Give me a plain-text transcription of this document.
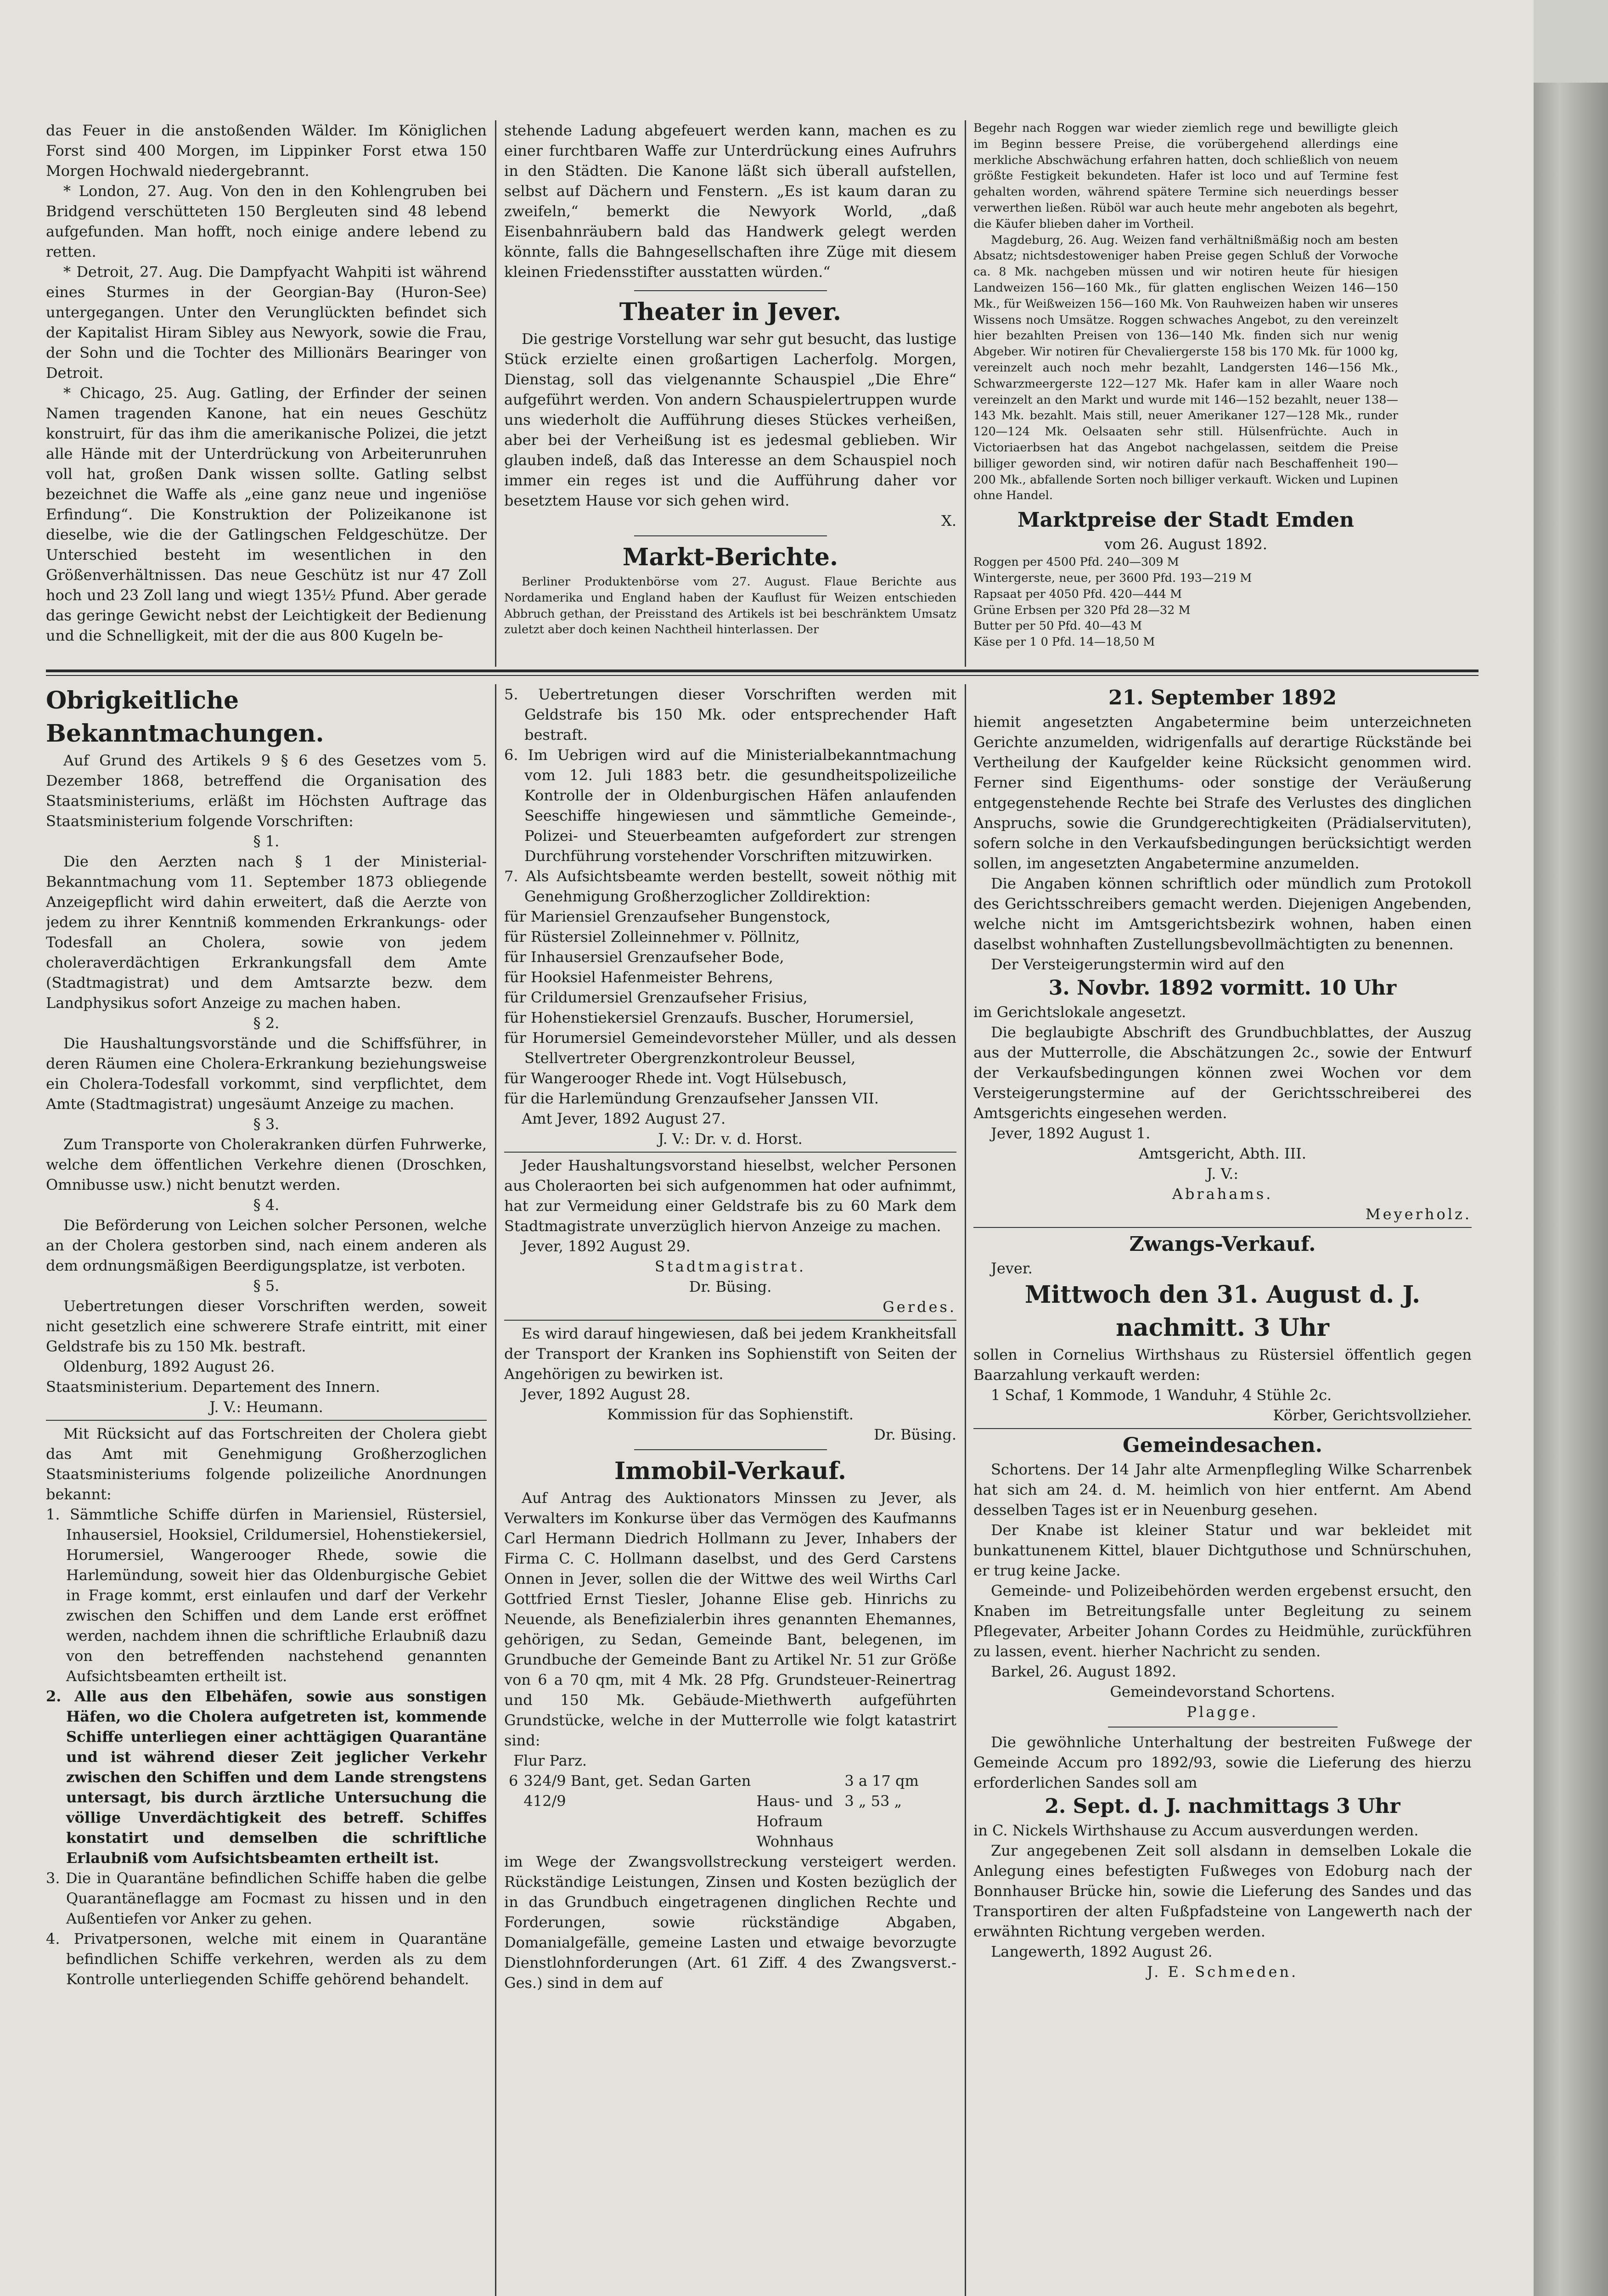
das Feuer in die anstoßenden Wälder. Im Königlichen Forst sind 400 Morgen, im Lippinker Forst etwa 150 Morgen Hochwald niedergebrannt.

* London, 27. Aug. Von den in den Kohlengruben bei Bridgend verschütteten 150 Bergleuten sind 48 lebend aufgefunden. Man hofft, noch einige andere lebend zu retten.

* Detroit, 27. Aug. Die Dampfyacht Wahpiti ist während eines Sturmes in der Georgian-Bay (Huron-See) untergegangen. Unter den Verunglückten befindet sich der Kapitalist Hiram Sibley aus Newyork, sowie die Frau, der Sohn und die Tochter des Millionärs Bearinger von Detroit.

* Chicago, 25. Aug. Gatling, der Erfinder der seinen Namen tragenden Kanone, hat ein neues Geschütz konstruirt, für das ihm die amerikanische Polizei, die jetzt alle Hände mit der Unterdrückung von Arbeiterunruhen voll hat, großen Dank wissen sollte. Gatling selbst bezeichnet die Waffe als „eine ganz neue und ingeniöse Erfindung“. Die Konstruktion der Polizeikanone ist dieselbe, wie die der Gatlingschen Feldgeschütze. Der Unterschied besteht im wesentlichen in den Größenverhältnissen. Das neue Geschütz ist nur 47 Zoll hoch und 23 Zoll lang und wiegt 135½ Pfund. Aber gerade das geringe Gewicht nebst der Leichtigkeit der Bedienung und die Schnelligkeit, mit der die aus 800 Kugeln be-

stehende Ladung abgefeuert werden kann, machen es zu einer furchtbaren Waffe zur Unterdrückung eines Aufruhrs in den Städten. Die Kanone läßt sich überall aufstellen, selbst auf Dächern und Fenstern. „Es ist kaum daran zu zweifeln,“ bemerkt die Newyork World, „daß Eisenbahnräubern bald das Handwerk gelegt werden könnte, falls die Bahngesellschaften ihre Züge mit diesem kleinen Friedensstifter ausstatten würden.“

Theater in Jever.

Die gestrige Vorstellung war sehr gut besucht, das lustige Stück erzielte einen großartigen Lacherfolg. Morgen, Dienstag, soll das vielgenannte Schauspiel „Die Ehre“ aufgeführt werden. Von andern Schauspielertruppen wurde uns wiederholt die Aufführung dieses Stückes verheißen, aber bei der Verheißung ist es jedesmal geblieben. Wir glauben indeß, daß das Interesse an dem Schauspiel noch immer ein reges ist und die Aufführung daher vor besetztem Hause vor sich gehen wird.

X.

Markt-Berichte.

Berliner Produktenbörse vom 27. August. Flaue Berichte aus Nordamerika und England haben der Kauflust für Weizen entschieden Abbruch gethan, der Preisstand des Artikels ist bei beschränktem Umsatz zuletzt aber doch keinen Nachtheil hinterlassen. Der

Begehr nach Roggen war wieder ziemlich rege und bewilligte gleich im Beginn bessere Preise, die vorübergehend allerdings eine merkliche Abschwächung erfahren hatten, doch schließlich von neuem größte Festigkeit bekundeten. Hafer ist loco und auf Termine fest gehalten worden, während spätere Termine sich neuerdings besser verwerthen ließen. Rüböl war auch heute mehr angeboten als begehrt, die Käufer blieben daher im Vortheil.

Magdeburg, 26. Aug. Weizen fand verhältnißmäßig noch am besten Absatz; nichtsdestoweniger haben Preise gegen Schluß der Vorwoche ca. 8 Mk. nachgeben müssen und wir notiren heute für hiesigen Landweizen 156—160 Mk., für glatten englischen Weizen 146—150 Mk., für Weißweizen 156—160 Mk. Von Rauhweizen haben wir unseres Wissens noch Umsätze. Roggen schwaches Angebot, zu den vereinzelt hier bezahlten Preisen von 136—140 Mk. finden sich nur wenig Abgeber. Wir notiren für Chevaliergerste 158 bis 170 Mk. für 1000 kg, vereinzelt auch noch mehr bezahlt, Landgersten 146—156 Mk., Schwarzmeergerste 122—127 Mk. Hafer kam in aller Waare noch vereinzelt an den Markt und wurde mit 146—152 bezahlt, neuer 138—143 Mk. bezahlt. Mais still, neuer Amerikaner 127—128 Mk., runder 120—124 Mk. Oelsaaten sehr still. Hülsenfrüchte. Auch in Victoriaerbsen hat das Angebot nachgelassen, seitdem die Preise billiger geworden sind, wir notiren dafür nach Beschaffenheit 190—200 Mk., abfallende Sorten noch billiger verkauft. Wicken und Lupinen ohne Handel.

Marktpreise der Stadt Emden

vom 26. August 1892.

Roggen per 4500 Pfd. 240—309 M

Wintergerste, neue, per 3600 Pfd. 193—219 M

Rapsaat per 4050 Pfd. 420—444 M

Grüne Erbsen per 320 Pfd 28—32 M

Butter per 50 Pfd. 40—43 M

Käse per 1 0 Pfd. 14—18,50 M

Obrigkeitliche Bekanntmachungen.

Auf Grund des Artikels 9 § 6 des Gesetzes vom 5. Dezember 1868, betreffend die Organisation des Staatsministeriums, erläßt im Höchsten Auftrage das Staatsministerium folgende Vorschriften:

§ 1.

Die den Aerzten nach § 1 der Ministerial-Bekanntmachung vom 11. September 1873 obliegende Anzeigepflicht wird dahin erweitert, daß die Aerzte von jedem zu ihrer Kenntniß kommenden Erkrankungs- oder Todesfall an Cholera, sowie von jedem choleraverdächtigen Erkrankungsfall dem Amte (Stadtmagistrat) und dem Amtsarzte bezw. dem Landphysikus sofort Anzeige zu machen haben.

§ 2.

Die Haushaltungsvorstände und die Schiffsführer, in deren Räumen eine Cholera-Erkrankung beziehungsweise ein Cholera-Todesfall vorkommt, sind verpflichtet, dem Amte (Stadtmagistrat) ungesäumt Anzeige zu machen.

§ 3.

Zum Transporte von Cholerakranken dürfen Fuhrwerke, welche dem öffentlichen Verkehre dienen (Droschken, Omnibusse usw.) nicht benutzt werden.

§ 4.

Die Beförderung von Leichen solcher Personen, welche an der Cholera gestorben sind, nach einem anderen als dem ordnungsmäßigen Beerdigungsplatze, ist verboten.

§ 5.

Uebertretungen dieser Vorschriften werden, soweit nicht gesetzlich eine schwerere Strafe eintritt, mit einer Geldstrafe bis zu 150 Mk. bestraft.

Oldenburg, 1892 August 26.

Staatsministerium. Departement des Innern.

J. V.: Heumann.

Mit Rücksicht auf das Fortschreiten der Cholera giebt das Amt mit Genehmigung Großherzoglichen Staatsministeriums folgende polizeiliche Anordnungen bekannt:

1. Sämmtliche Schiffe dürfen in Mariensiel, Rüstersiel, Inhausersiel, Hooksiel, Crildumersiel, Hohenstiekersiel, Horumersiel, Wangerooger Rhede, sowie die Harlemündung, soweit hier das Oldenburgische Gebiet in Frage kommt, erst einlaufen und darf der Verkehr zwischen den Schiffen und dem Lande erst eröffnet werden, nachdem ihnen die schriftliche Erlaubniß dazu von den betreffenden nachstehend genannten Aufsichtsbeamten ertheilt ist.

2. Alle aus den Elbehäfen, sowie aus sonstigen Häfen, wo die Cholera aufgetreten ist, kommende Schiffe unterliegen einer achttägigen Quarantäne und ist während dieser Zeit jeglicher Verkehr zwischen den Schiffen und dem Lande strengstens untersagt, bis durch ärztliche Untersuchung die völlige Unverdächtigkeit des betreff. Schiffes konstatirt und demselben die schriftliche Erlaubniß vom Aufsichtsbeamten ertheilt ist.

3. Die in Quarantäne befindlichen Schiffe haben die gelbe Quarantäneflagge am Focmast zu hissen und in den Außentiefen vor Anker zu gehen.

4. Privatpersonen, welche mit einem in Quarantäne befindlichen Schiffe verkehren, werden als zu dem Kontrolle unterliegenden Schiffe gehörend behandelt.

5. Uebertretungen dieser Vorschriften werden mit Geldstrafe bis 150 Mk. oder entsprechender Haft bestraft.

6. Im Uebrigen wird auf die Ministerialbekanntmachung vom 12. Juli 1883 betr. die gesundheitspolizeiliche Kontrolle der in Oldenburgischen Häfen anlaufenden Seeschiffe hingewiesen und sämmtliche Gemeinde-, Polizei- und Steuerbeamten aufgefordert zur strengen Durchführung vorstehender Vorschriften mitzuwirken.

7. Als Aufsichtsbeamte werden bestellt, soweit nöthig mit Genehmigung Großherzoglicher Zolldirektion:

für Mariensiel Grenzaufseher Bungenstock,

für Rüstersiel Zolleinnehmer v. Pöllnitz,

für Inhausersiel Grenzaufseher Bode,

für Hooksiel Hafenmeister Behrens,

für Crildumersiel Grenzaufseher Frisius,

für Hohenstiekersiel Grenzaufs. Buscher, Horumersiel,

für Horumersiel Gemeindevorsteher Müller, und als dessen Stellvertreter Obergrenzkontroleur Beussel,

für Wangerooger Rhede int. Vogt Hülsebusch,

für die Harlemündung Grenzaufseher Janssen VII.

Amt Jever, 1892 August 27.

J. V.: Dr. v. d. Horst.

Jeder Haushaltungsvorstand hieselbst, welcher Personen aus Choleraorten bei sich aufgenommen hat oder aufnimmt, hat zur Vermeidung einer Geldstrafe bis zu 60 Mark dem Stadtmagistrate unverzüglich hiervon Anzeige zu machen.

Jever, 1892 August 29.

Stadtmagistrat.

Dr. Büsing.

Gerdes.

Es wird darauf hingewiesen, daß bei jedem Krankheitsfall der Transport der Kranken ins Sophienstift von Seiten der Angehörigen zu bewirken ist.

Jever, 1892 August 28.

Kommission für das Sophienstift.

Dr. Büsing.

Immobil-Verkauf.

Auf Antrag des Auktionators Minssen zu Jever, als Verwalters im Konkurse über das Vermögen des Kaufmanns Carl Hermann Diedrich Hollmann zu Jever, Inhabers der Firma C. C. Hollmann daselbst, und des Gerd Carstens Onnen in Jever, sollen die der Wittwe des weil Wirths Carl Gottfried Ernst Tiesler, Johanne Elise geb. Hinrichs zu Neuende, als Benefizialerbin ihres genannten Ehemannes, gehörigen, zu Sedan, Gemeinde Bant, belegenen, im Grundbuche der Gemeinde Bant zu Artikel Nr. 51 zur Größe von 6 a 70 qm, mit 4 Mk. 28 Pfg. Grundsteuer-Reinertrag und 150 Mk. Gebäude-Miethwerth aufgeführten Grundstücke, welche in der Mutterrolle wie folgt katastrirt sind:

Flur Parz.

6	324/9 Bant, get. Sedan Garten		3 a 17 qm
	412/9	Haus- und Hofraum Wohnhaus	3 „ 53 „

im Wege der Zwangsvollstreckung versteigert werden. Rückständige Leistungen, Zinsen und Kosten bezüglich der in das Grundbuch eingetragenen dinglichen Rechte und Forderungen, sowie rückständige Abgaben, Domanialgefälle, gemeine Lasten und etwaige bevorzugte Dienstlohnforderungen (Art. 61 Ziff. 4 des Zwangsverst.-Ges.) sind in dem auf

21. September 1892

hiemit angesetzten Angabetermine beim unterzeichneten Gerichte anzumelden, widrigenfalls auf derartige Rückstände bei Vertheilung der Kaufgelder keine Rücksicht genommen wird. Ferner sind Eigenthums- oder sonstige der Veräußerung entgegenstehende Rechte bei Strafe des Verlustes des dinglichen Anspruchs, sowie die Grundgerechtigkeiten (Prädialservituten), sofern solche in den Verkaufsbedingungen berücksichtigt werden sollen, im angesetzten Angabetermine anzumelden.

Die Angaben können schriftlich oder mündlich zum Protokoll des Gerichtsschreibers gemacht werden. Diejenigen Angebenden, welche nicht im Amtsgerichtsbezirk wohnen, haben einen daselbst wohnhaften Zustellungsbevollmächtigten zu benennen.

Der Versteigerungstermin wird auf den

3. Novbr. 1892 vormitt. 10 Uhr

im Gerichtslokale angesetzt.

Die beglaubigte Abschrift des Grundbuchblattes, der Auszug aus der Mutterrolle, die Abschätzungen 2c., sowie der Entwurf der Verkaufsbedingungen können zwei Wochen vor dem Versteigerungstermine auf der Gerichtsschreiberei des Amtsgerichts eingesehen werden.

Jever, 1892 August 1.

Amtsgericht, Abth. III.

J. V.:

Abrahams.

Meyerholz.

Zwangs-Verkauf.

Jever.

Mittwoch den 31. August d. J.

nachmitt. 3 Uhr

sollen in Cornelius Wirthshaus zu Rüstersiel öffentlich gegen Baarzahlung verkauft werden:

1 Schaf, 1 Kommode, 1 Wanduhr, 4 Stühle 2c.

Körber, Gerichtsvollzieher.

Gemeindesachen.

Schortens. Der 14 Jahr alte Armenpflegling Wilke Scharrenbek hat sich am 24. d. M. heimlich von hier entfernt. Am Abend desselben Tages ist er in Neuenburg gesehen.

Der Knabe ist kleiner Statur und war bekleidet mit bunkattunenem Kittel, blauer Dichtguthose und Schnürschuhen, er trug keine Jacke.

Gemeinde- und Polizeibehörden werden ergebenst ersucht, den Knaben im Betreitungsfalle unter Begleitung zu seinem Pflegevater, Arbeiter Johann Cordes zu Heidmühle, zurückführen zu lassen, event. hierher Nachricht zu senden.

Barkel, 26. August 1892.

Gemeindevorstand Schortens.

Plagge.

Die gewöhnliche Unterhaltung der bestreiten Fußwege der Gemeinde Accum pro 1892/93, sowie die Lieferung des hierzu erforderlichen Sandes soll am

2. Sept. d. J. nachmittags 3 Uhr

in C. Nickels Wirthshause zu Accum ausverdungen werden.

Zur angegebenen Zeit soll alsdann in demselben Lokale die Anlegung eines befestigten Fußweges von Edoburg nach der Bonnhauser Brücke hin, sowie die Lieferung des Sandes und das Transportiren der alten Fußpfadsteine von Langewerth nach der erwähnten Richtung vergeben werden.

Langewerth, 1892 August 26.

J. E. Schmeden.
